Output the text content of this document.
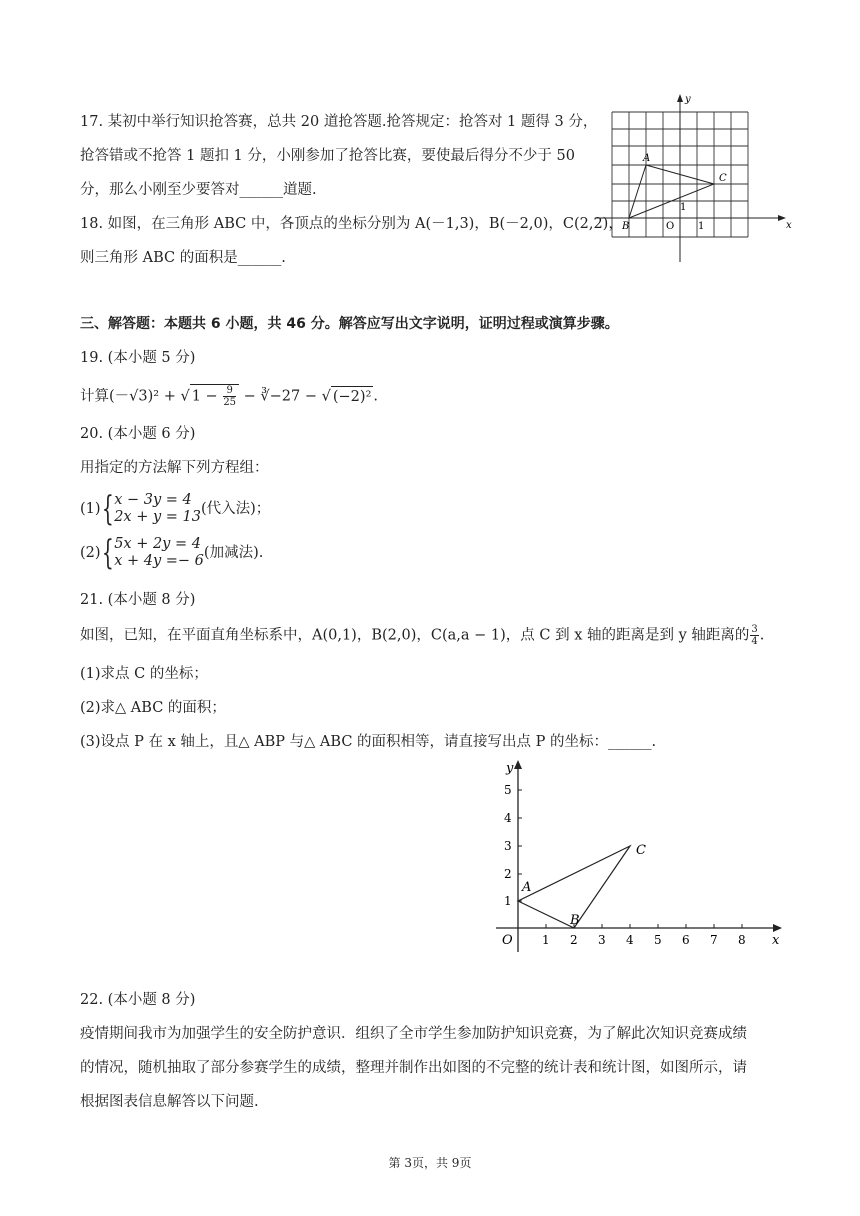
17. 某初中举行知识抢答赛，总共 20 道抢答题.抢答规定：抢答对 1 题得 3 分，
抢答错或不抢答 1 题扣 1 分，小刚参加了抢答比赛，要使最后得分不少于 50
分，那么小刚至少要答对______道题.
18. 如图，在三角形 ABC 中，各顶点的坐标分别为 A(－1,3)，B(－2,0)，C(2,2)，
则三角形 ABC 的面积是______.
y
x
A
B
C
O 1
1
三、解答题：本题共 6 小题，共 46 分。解答应写出文字说明，证明过程或演算步骤。
19. (本小题 5 分)
计算(－√3)² + √ $1 - \frac{9}{25}$ − ∛−27 − √ (−2)² .
20. (本小题 6 分)
用指定的方法解下列方程组：
(1){ x − 3y = 4
2x + y = 13 (代入法)；
(2){ 5x + 2y = 4
x + 4y =− 6 (加减法).
21. (本小题 8 分)
如图，已知，在平面直角坐标系中，A(0,1)，B(2,0)，C(a,a − 1)，点 C 到 x 轴的距离是到 y 轴距离的 $\frac{3}{4}$ .
(1)求点 C 的坐标；
(2)求△ ABC 的面积；
(3)设点 P 在 x 轴上，且△ ABP 与△ ABC 的面积相等，请直接写出点 P 的坐标：______.
1 2 3 4 5 6 7 8
1
2
3
4
5
y
x
O
A
B
C
22. (本小题 8 分)
疫情期间我市为加强学生的安全防护意识．组织了全市学生参加防护知识竞赛，为了解此次知识竞赛成绩
的情况，随机抽取了部分参赛学生的成绩，整理并制作出如图的不完整的统计表和统计图，如图所示，请
根据图表信息解答以下问题.
第 3页，共 9页
